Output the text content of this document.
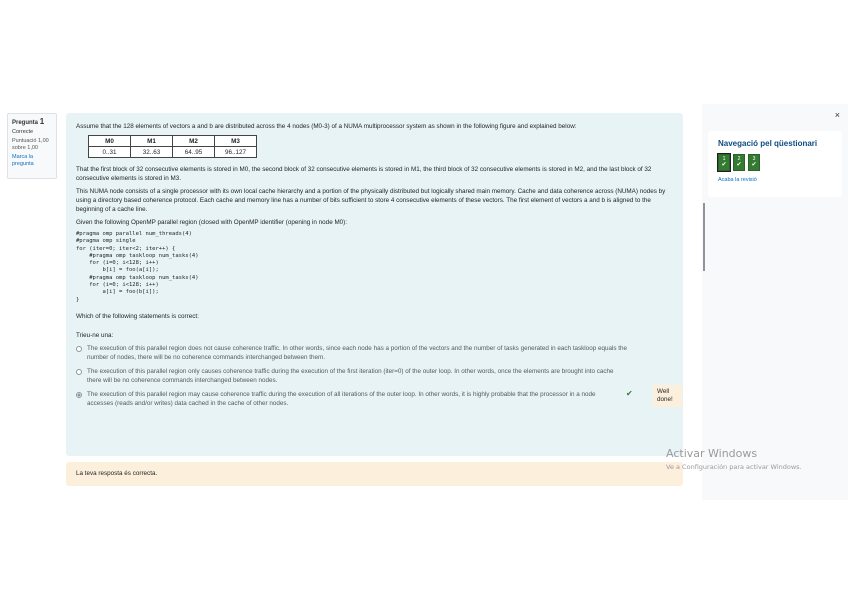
Pregunta 1
Correcte
Puntuació 1,00 sobre 1,00
Marca la pregunta

Assume that the 128 elements of vectors a and b are distributed across the 4 nodes (M0-3) of a NUMA multiprocessor system as shown in the following figure and explained below:

M0	M1	M2	M3
0..31	32..63	64..95	96..127

That the first block of 32 consecutive elements is stored in M0, the second block of 32 consecutive elements is stored in M1, the third block of 32 consecutive elements is stored in M2, and the last block of 32 consecutive elements is stored in M3.

This NUMA node consists of a single processor with its own local cache hierarchy and a portion of the physically distributed but logically shared main memory. Cache and data coherence across (NUMA) nodes by using a directory based coherence protocol. Each cache and memory line has a number of bits sufficient to store 4 consecutive elements of these vectors. The first element of vectors a and b is aligned to the beginning of a cache line.

Given the following OpenMP parallel region (closed with OpenMP identifier (opening in node M0):

#pragma omp parallel num_threads(4)
#pragma omp single
for (iter=0; iter<2; iter++) {
#pragma omp taskloop num_tasks(4)
for (i=0; i<128; i++)
b[i] = foo(a[i]);
#pragma omp taskloop num_tasks(4)
for (i=0; i<128; i++)
a[i] = foo(b[i]);
}

Which of the following statements is correct:

Trieu-ne una:

The execution of this parallel region does not cause coherence traffic. In other words, since each node has a portion of the vectors and the number of tasks generated in each taskloop equals the number of nodes, there will be no coherence commands interchanged between them.
The execution of this parallel region only causes coherence traffic during the execution of the first iteration (iter=0) of the outer loop. In other words, once the elements are brought into cache there will be no coherence commands interchanged between nodes.
The execution of this parallel region may cause coherence traffic during the execution of all iterations of the outer loop. In other words, it is highly probable that the processor in a node accesses (reads and/or writes) data cached in the cache of other nodes.
✔	Well done!
La teva resposta és correcta.
×
Navegació pel qüestionari
1
✔
2
✔
3
✔
Acaba la revisió
Activar Windows
Ve a Configuración para activar Windows.
